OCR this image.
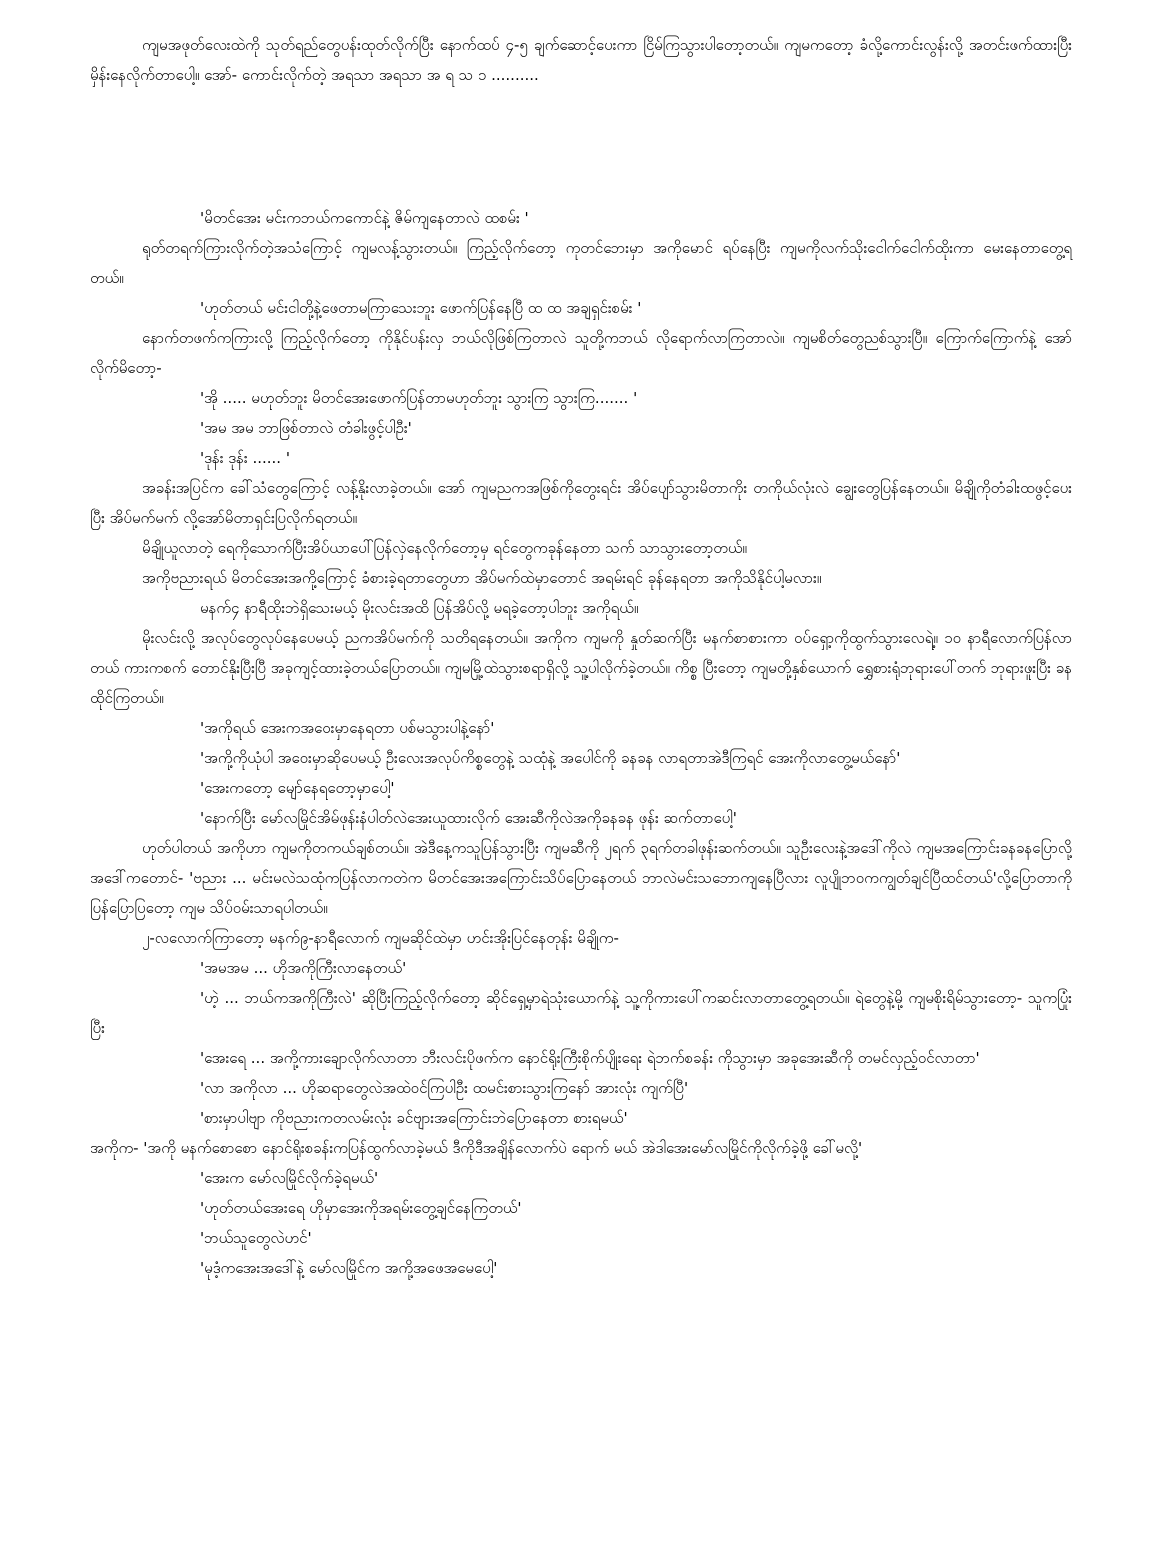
ကျမအဖုတ်လေးထဲကို သုတ်ရည်တွေပန်းထုတ်လိုက်ပြီး နောက်ထပ် ၄-၅ ချက်ဆောင့်ပေးကာ ငြိမ်ကြသွားပါတော့တယ်။ ကျမကတော့ ခံလို့ကောင်းလွန်းလို့ အတင်းဖက်ထားပြီးမှိန်းနေလိုက်တာပေါ့။ အော်- ကောင်းလိုက်တဲ့ အရသာ အရသာ အ ရ သ ၁ ..........

'မိတင်အေး မင်းကဘယ်ကကောင်နဲ့ ဇိမ်ကျနေတာလဲ ထစမ်း '

ရုတ်တရက်ကြားလိုက်တဲ့အသံကြောင့် ကျမလန့်သွားတယ်။ ကြည့်လိုက်တော့ ကုတင်ဘေးမှာ အကိုမောင် ရပ်နေပြီး ကျမကိုလက်သိုးငေါက်ငေါက်ထိုးကာ မေးနေတာတွေ့ရတယ်။

'ဟုတ်တယ် မင်းငါတို့နဲ့ဖေတာမကြာသေးဘူး ဖောက်ပြန်နေပြီ ထ ထ အချရှင်းစမ်း '

နောက်တဖက်ကကြားလို့ ကြည့်လိုက်တော့ ကိုနိုင်ပန်းလှ ဘယ်လိုဖြစ်ကြတာလဲ သူတို့ကဘယ် လိုရောက်လာကြတာလဲ။ ကျမစိတ်တွေညစ်သွားပြီ။ ကြောက်ကြောက်နဲ့ အော်လိုက်မိတော့-

'အို ..... မဟုတ်ဘူး မိတင်အေးဖောက်ပြန်တာမဟုတ်ဘူး သွားကြ သွားကြ....... '

'အမ အမ ဘာဖြစ်တာလဲ တံခါးဖွင့်ပါဦး'

'ဒုန်း ဒုန်း ...... '

အခန်းအပြင်က ခေါ်သံတွေကြောင့် လန့်နိုးလာခဲ့တယ်။ အော် ကျမညကအဖြစ်ကိုတွေးရင်း အိပ်ပျော်သွားမိတာကိုး တကိုယ်လုံးလဲ ချွေးတွေပြန်နေတယ်။ မိချိုကိုတံခါးထဖွင့်ပေးပြီး အိပ်မက်မက် လို့အော်မိတာရှင်းပြလိုက်ရတယ်။

မိချိုယူလာတဲ့ ရေကိုသောက်ပြီးအိပ်ယာပေါ်ပြန်လှဲနေလိုက်တော့မှ ရင်တွေကခုန်နေတာ သက် သာသွားတော့တယ်။

အကိုဗညားရယ် မိတင်အေးအကို့ကြောင့် ခံစားခဲ့ရတာတွေဟာ အိပ်မက်ထဲမှာတောင် အရမ်းရင် ခုန်နေရတာ အကိုသိနိုင်ပါ့မလား။

မနက်၄ နာရီထိုးဘဲရှိသေးမယ့် မိုးလင်းအထိ ပြန်အိပ်လို့ မရခဲ့တော့ပါဘူး အကိုရယ်။

မိုးလင်းလို့ အလုပ်တွေလုပ်နေပေမယ့် ညကအိပ်မက်ကို သတိရနေတယ်။ အကိုက ကျမကို နှုတ်ဆက်ပြီး မနက်စာစားကာ ဝပ်ရှော့ကိုထွက်သွားလေရဲ့။ ၁၀ နာရီလောက်ပြန်လာတယ် ကားကစက် တောင်နိုးပြီးပြီ အခုကျင့်ထားခဲ့တယ်ပြောတယ်။ ကျမမြို့ထဲသွားစရာရှိလို့ သူ့ပါလိုက်ခဲ့တယ်။ ကိစ္စ ပြီးတော့ ကျမတို့နှစ်ယောက် ရွှေစားရုံဘုရားပေါ်တက် ဘုရားဖူးပြီး ခနထိုင်ကြတယ်။

'အကိုရယ် အေးကအဝေးမှာနေရတာ ပစ်မသွားပါနဲ့နော်'

'အကို့ကိုယုံပါ အဝေးမှာဆိုပေမယ့် ဦးလေးအလုပ်ကိစ္စတွေနဲ့ သထုံနဲ့ အပေါင်ကို ခနခန လာရတာအဲဒီကြရင် အေးကိုလာတွေ့မယ်နော်'

'အေးကတော့ မျော်နေရတော့မှာပေါ့'

'နောက်ပြီး မော်လမြိုင်အိမ်ဖုန်းနံပါတ်လဲအေးယူထားလိုက် အေးဆီကိုလဲအကိုခနခန ဖုန်း ဆက်တာပေါ့'

ဟုတ်ပါတယ် အကိုဟာ ကျမကိုတကယ်ချစ်တယ်။ အဲဒီနေ့ကသူပြန်သွားပြီး ကျမဆီကို ၂ရက် ၃ရက်တခါဖုန်းဆက်တယ်။ သူဦးလေးနဲ့အဒေါ်ကိုလဲ ကျမအကြောင်းခနခနပြောလို့ အဒေါ်ကတောင်- 'ဗညား ... မင်းမလဲသထုံကပြန်လာကတဲက မိတင်အေးအကြောင်းသိပ်ပြောနေတယ် ဘာလဲမင်းသဘောကျနေပြီလား လူပျိုဘဝကကျွတ်ချင်ပြီထင်တယ်'လို့ပြောတာကိုပြန်ပြောပြတော့ ကျမ သိပ်ဝမ်းသာရပါတယ်။

၂-လလောက်ကြာတော့ မနက်၉-နာရီလောက် ကျမဆိုင်ထဲမှာ ဟင်းအိုးပြင်နေတုန်း မိချိုက-

'အမအမ ... ဟိုအကိုကြီးလာနေတယ်'

'ဟဲ့ ... ဘယ်ကအကိုကြီးလဲ' ဆိုပြီးကြည့်လိုက်တော့ ဆိုင်ရှေ့မှာရဲသုံးယောက်နဲ့ သူ့ကိုကားပေါ်ကဆင်းလာတာတွေ့ရတယ်။ ရဲတွေနဲ့မို့ ကျမစိုးရိမ်သွားတော့- သူကပြုံးပြီး

'အေးရေ ... အကို့ကားချောလိုက်လာတာ ဘီးလင်းပိုဖက်က နောင်ရိုးကြီးစိုက်ပျိုးရေး ရဲဘက်စခန်း ကိုသွားမှာ အခုအေးဆီကို တမင်လှည့်ဝင်လာတာ'

'လာ အကိုလာ ... ဟိုဆရာတွေလဲအထဲဝင်ကြပါဦး ထမင်းစားသွားကြနော် အားလုံး ကျက်ပြီ'

'စားမှာပါဗျာ ကိုဗညားကတလမ်းလုံး ခင်ဗျားအကြောင်းဘဲပြောနေတာ စားရမယ်'

အကိုက- 'အကို မနက်စောစော နောင်ရိုးစခန်းကပြန်ထွက်လာခဲ့မယ် ဒီကိုဒီအချိန်လောက်ပဲ ရောက် မယ် အဲဒါအေးမော်လမြိုင်ကိုလိုက်ခဲ့ဖို့ ခေါ်မလို့'

'အေးက မော်လမြိုင်လိုက်ခဲ့ရမယ်'

'ဟုတ်တယ်အေးရေ ဟိုမှာအေးကိုအရမ်းတွေ့ချင်နေကြတယ်'

'ဘယ်သူတွေလဲဟင်'

'မုဒံ့ကအေးအဒေါ်နဲ့ မော်လမြိုင်က အကို့အဖေအမေပေါ့'
